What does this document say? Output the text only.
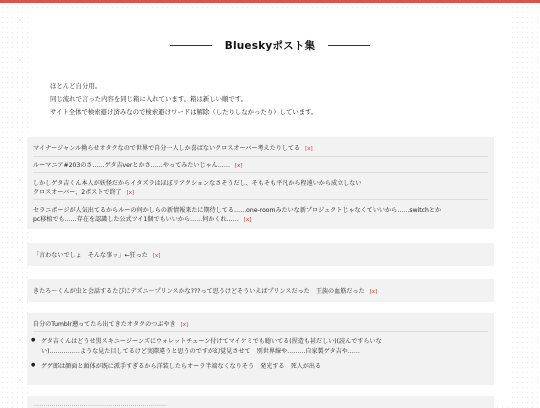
Blueskyポスト集
ほとんど自分用。
同じ流れで言った内容を同じ箱に入れています。箱は新しい順です。
サイト全体で検索避け済みなので検索避けワードは解除（したりしなかったり）しています。
マイナージャンル拗らせオタクなので世界で自分一人しか喜ばないクロスオーバー考えたりしてる [x]
ルーマニア#203のさ……ゲタ吉verとかさ……やってみたいじゃん…… [x]
しかしゲタ吉くん本人が妖怪だからイタズラはほぼリアクションなさそうだし、そもそも平凡から程遠いから成立しない
クロスオーバー、2ポストで終了 [x]
セラニポージが人気出てるからルーの何かしらの新情報来たに期待してる……one-roomみたいな新プロジェクトじゃなくていいから……switchとか
pc移植でも……存在を認識した公式ツイ1個でもいいから……何かくれ…… [x]
「言わないでしょ　そんな事ッ」←狂った [x]
きたろ〜くんが虫と会話するたびにデズニ〜プリンスかな???って思うけどそういえばプリンスだった　王族の血筋だった [x]
自分のTumblr遡ってたら出てきたオタクのつぶやき [x]
● ゲタ吉くんはどうせ黒スキニージーンズにウォレットチェーン付けてマイケミでも聴いてる(捏造も甚だしい)(読んですらいな
い)……………ような見た目してるけど実際違うと思うのですが幻覚見させて　別世界線や………自家製ゲタ吉や……
● ゲゲ郎は顔面と頭体が既に派手すぎるから洋装したらオーラ半端なくなりそう　発光する　死人が出る
…………………………………………………………
